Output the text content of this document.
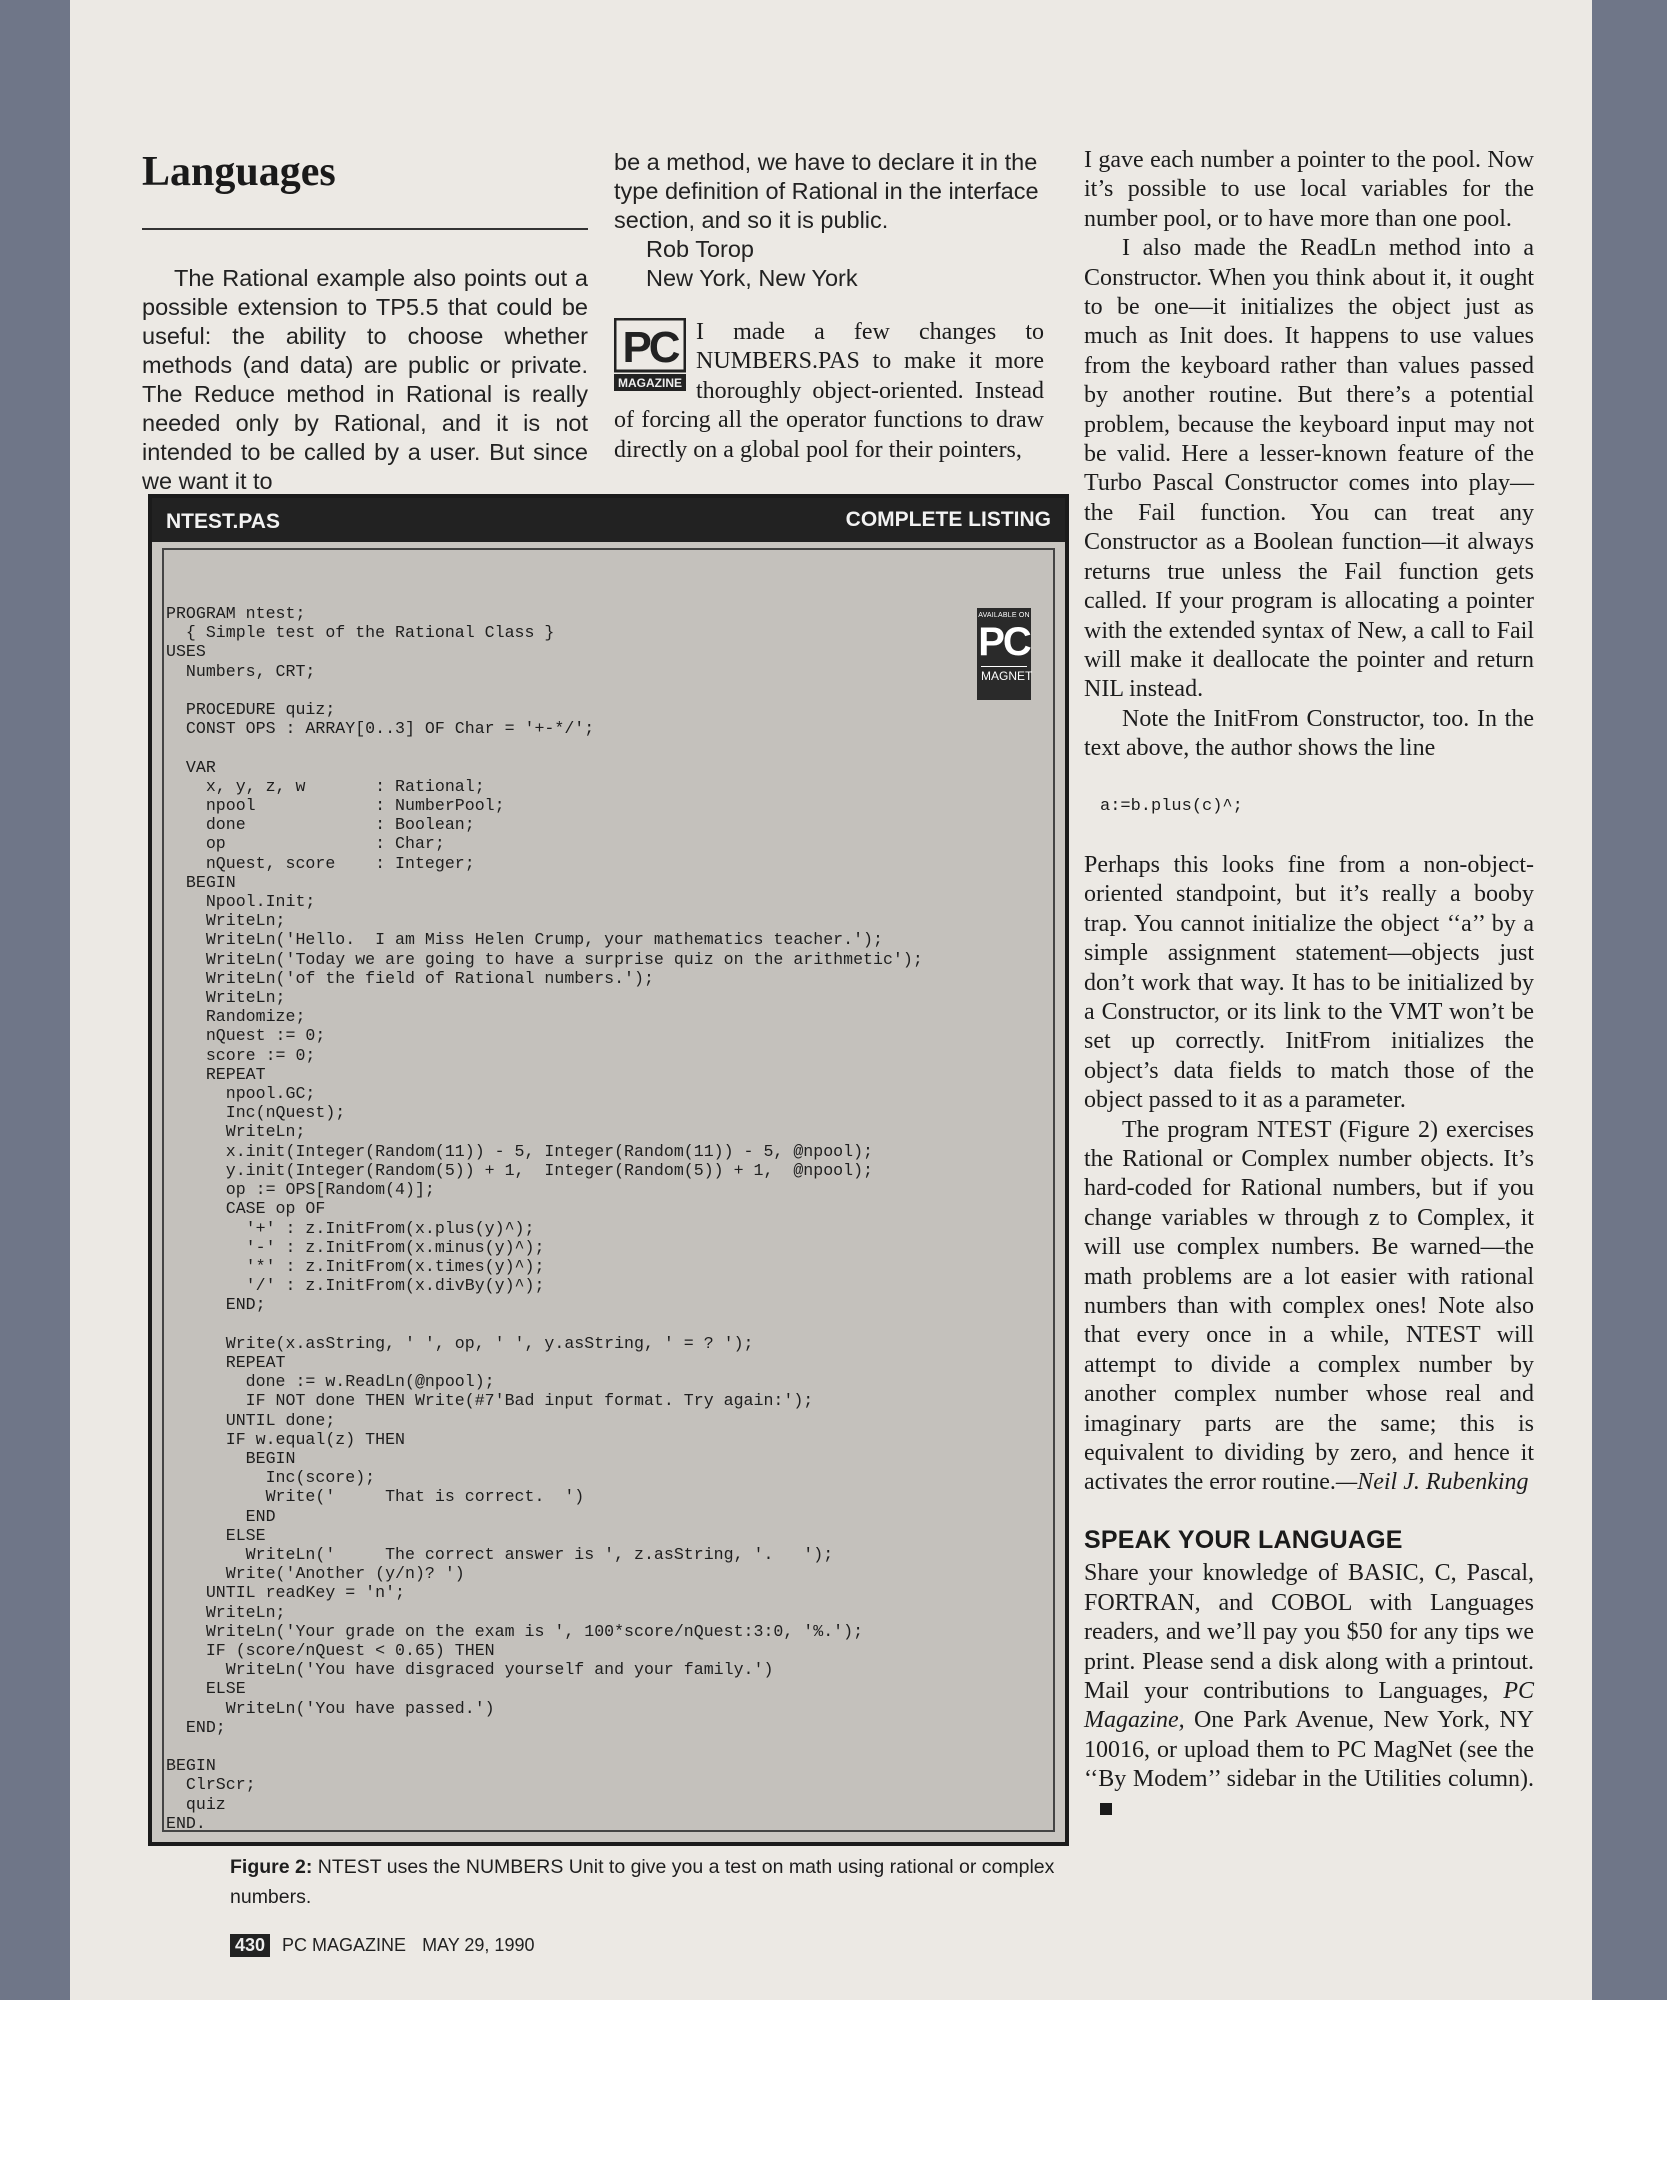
Languages

The Rational example also points out a possible extension to TP5.5 that could be useful: the ability to choose whether methods (and data) are public or private. The Reduce method in Rational is really needed only by Rational, and it is not intended to be called by a user. But since we want it to

be a method, we have to declare it in the type definition of Rational in the interface section, and so it is public.

Rob Torop

New York, New York

PC
MAGAZINE

I made a few changes to NUMBERS.PAS to make it more thoroughly object-oriented. Instead of forcing all the operator functions to draw directly on a global pool for their pointers,

I gave each number a pointer to the pool. Now it’s possible to use local variables for the number pool, or to have more than one pool.

I also made the ReadLn method into a Constructor. When you think about it, it ought to be one—it initializes the object just as much as Init does. It happens to use values from the keyboard rather than values passed by another routine. But there’s a potential problem, because the keyboard input may not be valid. Here a lesser-known feature of the Turbo Pascal Constructor comes into play—the Fail function. You can treat any Constructor as a Boolean function—it always returns true unless the Fail function gets called. If your program is allocating a pointer with the extended syntax of New, a call to Fail will make it deallocate the pointer and return NIL instead.

Note the InitFrom Constructor, too. In the text above, the author shows the line

a:=b.plus(c)^;

Perhaps this looks fine from a non-object-oriented standpoint, but it’s really a booby trap. You cannot initialize the object ‘‘a’’ by a simple assignment statement—objects just don’t work that way. It has to be initialized by a Constructor, or its link to the VMT won’t be set up correctly. InitFrom initializes the object’s data fields to match those of the object passed to it as a parameter.

The program NTEST (Figure 2) exercises the Rational or Complex number objects. It’s hard-coded for Rational numbers, but if you change variables w through z to Complex, it will use complex numbers. Be warned—the math problems are a lot easier with rational numbers than with complex ones! Note also that every once in a while, NTEST will attempt to divide a complex number by another complex number whose real and imaginary parts are the same; this is equivalent to dividing by zero, and hence it activates the error routine.—Neil J. Rubenking

SPEAK YOUR LANGUAGE

Share your knowledge of BASIC, C, Pascal, FORTRAN, and COBOL with Languages readers, and we’ll pay you $50 for any tips we print. Please send a disk along with a printout. Mail your contributions to Languages, PC Magazine, One Park Avenue, New York, NY 10016, or upload them to PC MagNet (see the ‘‘By Modem’’ sidebar in the Utilities column).

NTEST.PAS	COMPLETE LISTING
AVAILABLE ON
PC
MAGNET
PROGRAM ntest;
{ Simple test of the Rational Class }
USES
Numbers, CRT;

PROCEDURE quiz;
CONST OPS : ARRAY[0..3] OF Char = '+-*/';

VAR
x, y, z, w       : Rational;
npool            : NumberPool;
done             : Boolean;
op               : Char;
nQuest, score    : Integer;
BEGIN
Npool.Init;
WriteLn;
WriteLn('Hello.  I am Miss Helen Crump, your mathematics teacher.');
WriteLn('Today we are going to have a surprise quiz on the arithmetic');
WriteLn('of the field of Rational numbers.');
WriteLn;
Randomize;
nQuest := 0;
score := 0;
REPEAT
npool.GC;
Inc(nQuest);
WriteLn;
x.init(Integer(Random(11)) - 5, Integer(Random(11)) - 5, @npool);
y.init(Integer(Random(5)) + 1,  Integer(Random(5)) + 1,  @npool);
op := OPS[Random(4)];
CASE op OF
'+' : z.InitFrom(x.plus(y)^);
'-' : z.InitFrom(x.minus(y)^);
'*' : z.InitFrom(x.times(y)^);
'/' : z.InitFrom(x.divBy(y)^);
END;

Write(x.asString, ' ', op, ' ', y.asString, ' = ? ');
REPEAT
done := w.ReadLn(@npool);
IF NOT done THEN Write(#7'Bad input format. Try again:');
UNTIL done;
IF w.equal(z) THEN
BEGIN
Inc(score);
Write('     That is correct.  ')
END
ELSE
WriteLn('     The correct answer is ', z.asString, '.   ');
Write('Another (y/n)? ')
UNTIL readKey = 'n';
WriteLn;
WriteLn('Your grade on the exam is ', 100*score/nQuest:3:0, '%.');
IF (score/nQuest < 0.65) THEN
WriteLn('You have disgraced yourself and your family.')
ELSE
WriteLn('You have passed.')
END;

BEGIN
ClrScr;
quiz
END.
Figure 2: NTEST uses the NUMBERS Unit to give you a test on math using rational or complex numbers.
430 PC MAGAZINE MAY 29, 1990
